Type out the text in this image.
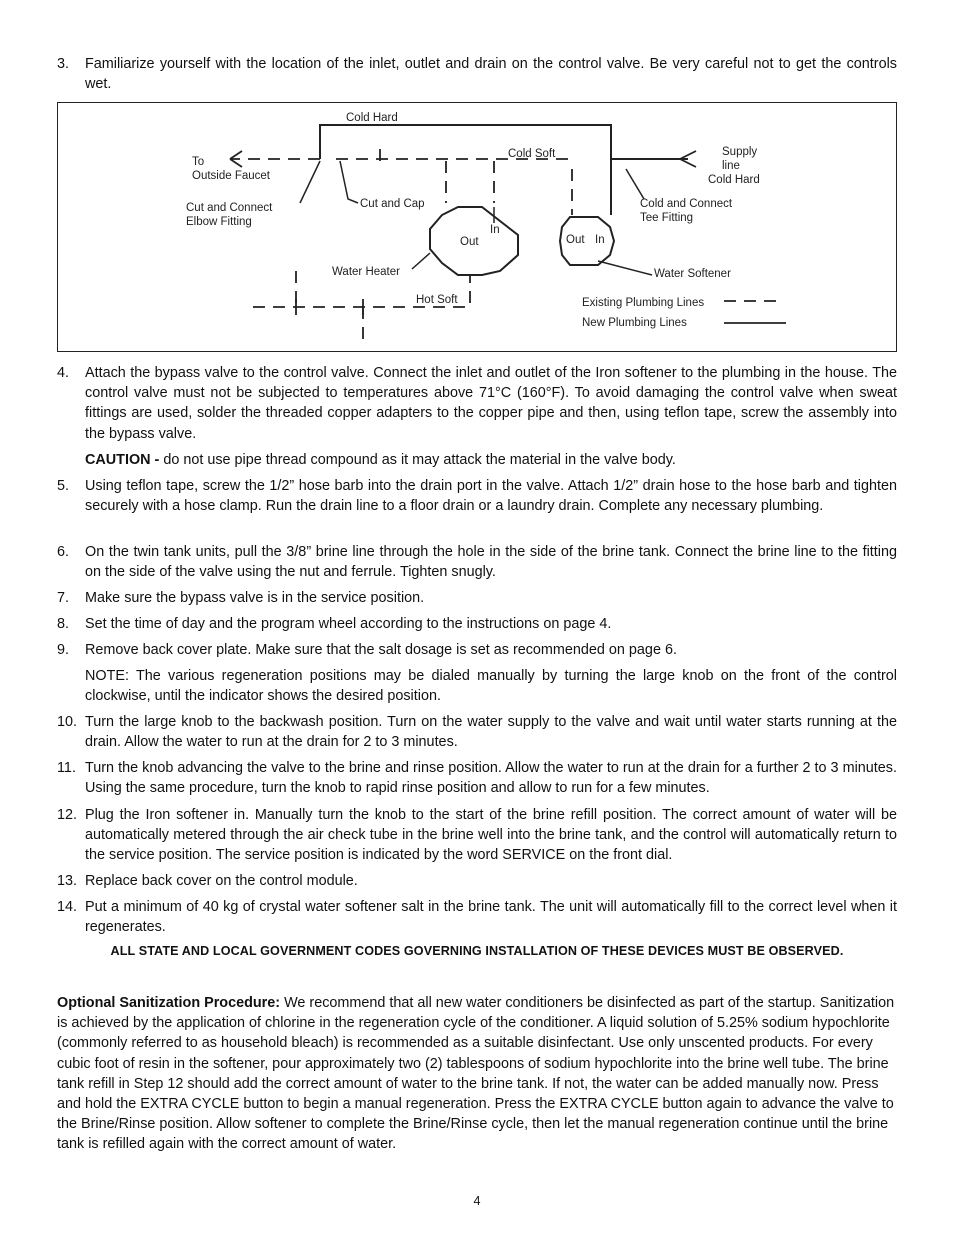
3.	Familiarize yourself with the location of the inlet, outlet and drain on the control valve. Be very careful not to get the controls wet.
Cold Hard
To
Outside Faucet
Cold Soft	Supply
line
Cold Hard
Cut and Connect
Elbow Fitting
Cut and Cap	Cold and Connect
Tee Fitting
In
Out	Out In
Water Heater	Water Softener
Hot Soft	Existing Plumbing Lines
New Plumbing Lines
4.	Attach the bypass valve to the control valve. Connect the inlet and outlet of the Iron softener to the plumbing in the house. The control valve must not be subjected to temperatures above 71°C (160°F). To avoid damaging the control valve when sweat fittings are used, solder the threaded copper adapters to the copper pipe and then, using teflon tape, screw the assembly into the bypass valve.
CAUTION - do not use pipe thread compound as it may attack the material in the valve body.
5.	Using teflon tape, screw the 1/2” hose barb into the drain port in the valve. Attach 1/2” drain hose to the hose barb and tighten securely with a hose clamp. Run the drain line to a floor drain or a laundry drain. Complete any necessary plumbing.
6.	On the twin tank units, pull the 3/8” brine line through the hole in the side of the brine tank. Connect the brine line to the fitting on the side of the valve using the nut and ferrule. Tighten snugly.
7.	Make sure the bypass valve is in the service position.
8.	Set the time of day and the program wheel according to the instructions on page 4.
9.	Remove back cover plate. Make sure that the salt dosage is set as recommended on page 6.
NOTE: The various regeneration positions may be dialed manually by turning the large knob on the front of the control clockwise, until the indicator shows the desired position.
10. Turn the large knob to the backwash position. Turn on the water supply to the valve and wait until water starts running at the drain. Allow the water to run at the drain for 2 to 3 minutes.
11. Turn the knob advancing the valve to the brine and rinse position. Allow the water to run at the drain for a further 2 to 3 minutes. Using the same procedure, turn the knob to rapid rinse position and allow to run for a few minutes.
12. Plug the Iron softener in. Manually turn the knob to the start of the brine refill position. The correct amount of water will be automatically metered through the air check tube in the brine well into the brine tank, and the control will automatically return to the service position. The service position is indicated by the word SERVICE on the front dial.
13. Replace back cover on the control module.
14. Put a minimum of 40 kg of crystal water softener salt in the brine tank. The unit will automatically fill to the correct level when it regenerates.
ALL STATE AND LOCAL GOVERNMENT CODES GOVERNING INSTALLATION OF THESE DEVICES MUST BE OBSERVED.
Optional Sanitization Procedure: We recommend that all new water conditioners be disinfected as part of the startup. Sanitization is achieved by the application of chlorine in the regeneration cycle of the conditioner. A liquid solution of 5.25% sodium hypochlorite (commonly referred to as household bleach) is recommended as a suitable disinfectant. Use only unscented products. For every cubic foot of resin in the softener, pour approximately two (2) tablespoons of sodium hypochlorite into the brine well tube. The brine tank refill in Step 12 should add the correct amount of water to the brine tank. If not, the water can be added manually now. Press and hold the EXTRA CYCLE button to begin a manual regeneration. Press the EXTRA CYCLE button again to advance the valve to the Brine/Rinse position. Allow softener to complete the Brine/Rinse cycle, then let the manual regeneration continue until the brine tank is refilled again with the correct amount of water.
4
